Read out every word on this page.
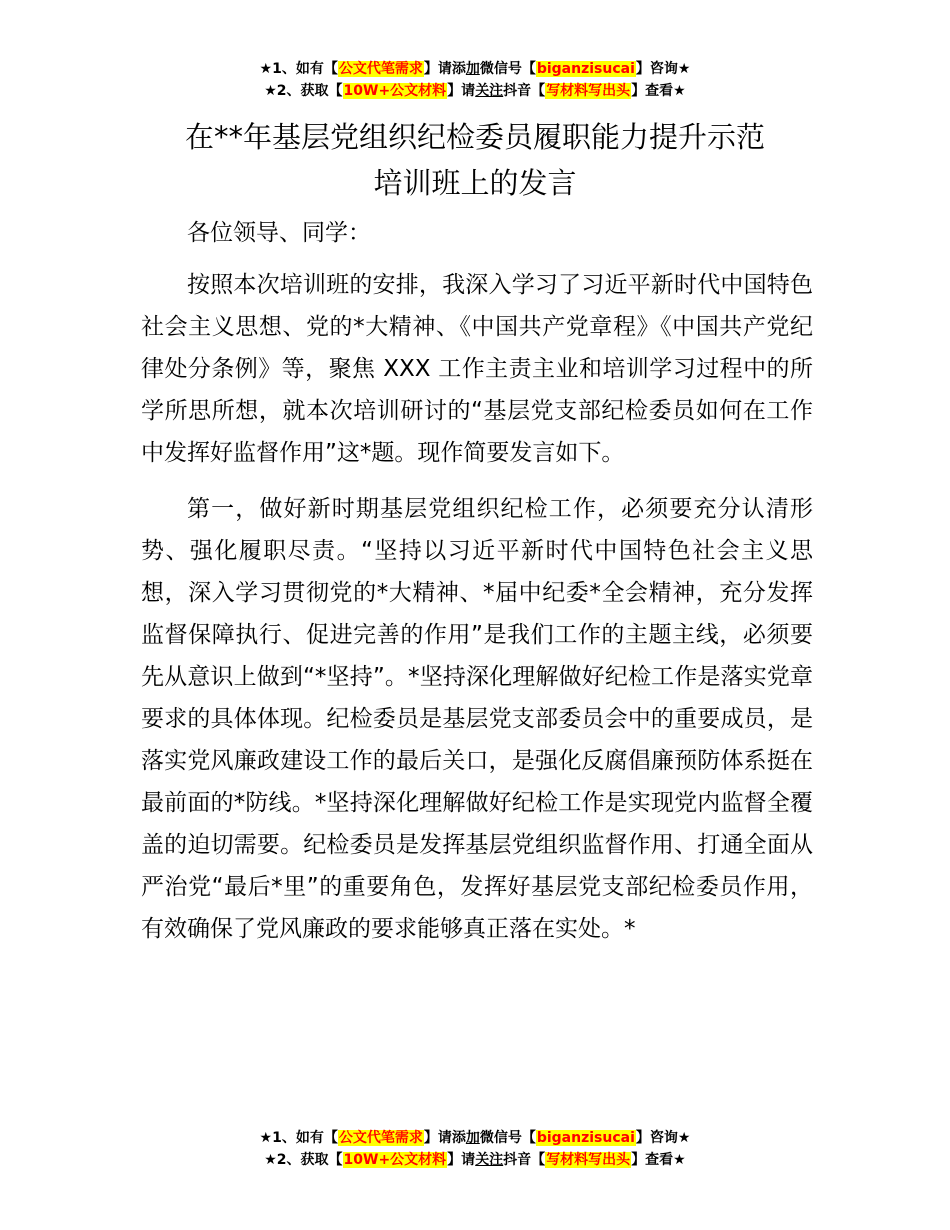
★1、如有【公文代笔需求】请添加微信号【biganzisucai】咨询★
★2、获取【10W+公文材料】请关注抖音【写材料写出头】查看★
在**年基层党组织纪检委员履职能力提升示范
培训班上的发言

各位领导、同学：

按照本次培训班的安排，我深入学习了习近平新时代中国特色社会主义思想、党的*大精神、《中国共产党章程》《中国共产党纪律处分条例》等，聚焦 XXX 工作主责主业和培训学习过程中的所学所思所想，就本次培训研讨的“基层党支部纪检委员如何在工作中发挥好监督作用”这*题。现作简要发言如下。

第一，做好新时期基层党组织纪检工作，必须要充分认清形势、强化履职尽责。“坚持以习近平新时代中国特色社会主义思想，深入学习贯彻党的*大精神、*届中纪委*全会精神，充分发挥监督保障执行、促进完善的作用”是我们工作的主题主线，必须要先从意识上做到“*坚持”。*坚持深化理解做好纪检工作是落实党章要求的具体体现。纪检委员是基层党支部委员会中的重要成员，是落实党风廉政建设工作的最后关口，是强化反腐倡廉预防体系挺在最前面的*防线。*坚持深化理解做好纪检工作是实现党内监督全覆盖的迫切需要。纪检委员是发挥基层党组织监督作用、打通全面从严治党“最后*里”的重要角色，发挥好基层党支部纪检委员作用，有效确保了党风廉政的要求能够真正落在实处。*

★1、如有【公文代笔需求】请添加微信号【biganzisucai】咨询★
★2、获取【10W+公文材料】请关注抖音【写材料写出头】查看★
